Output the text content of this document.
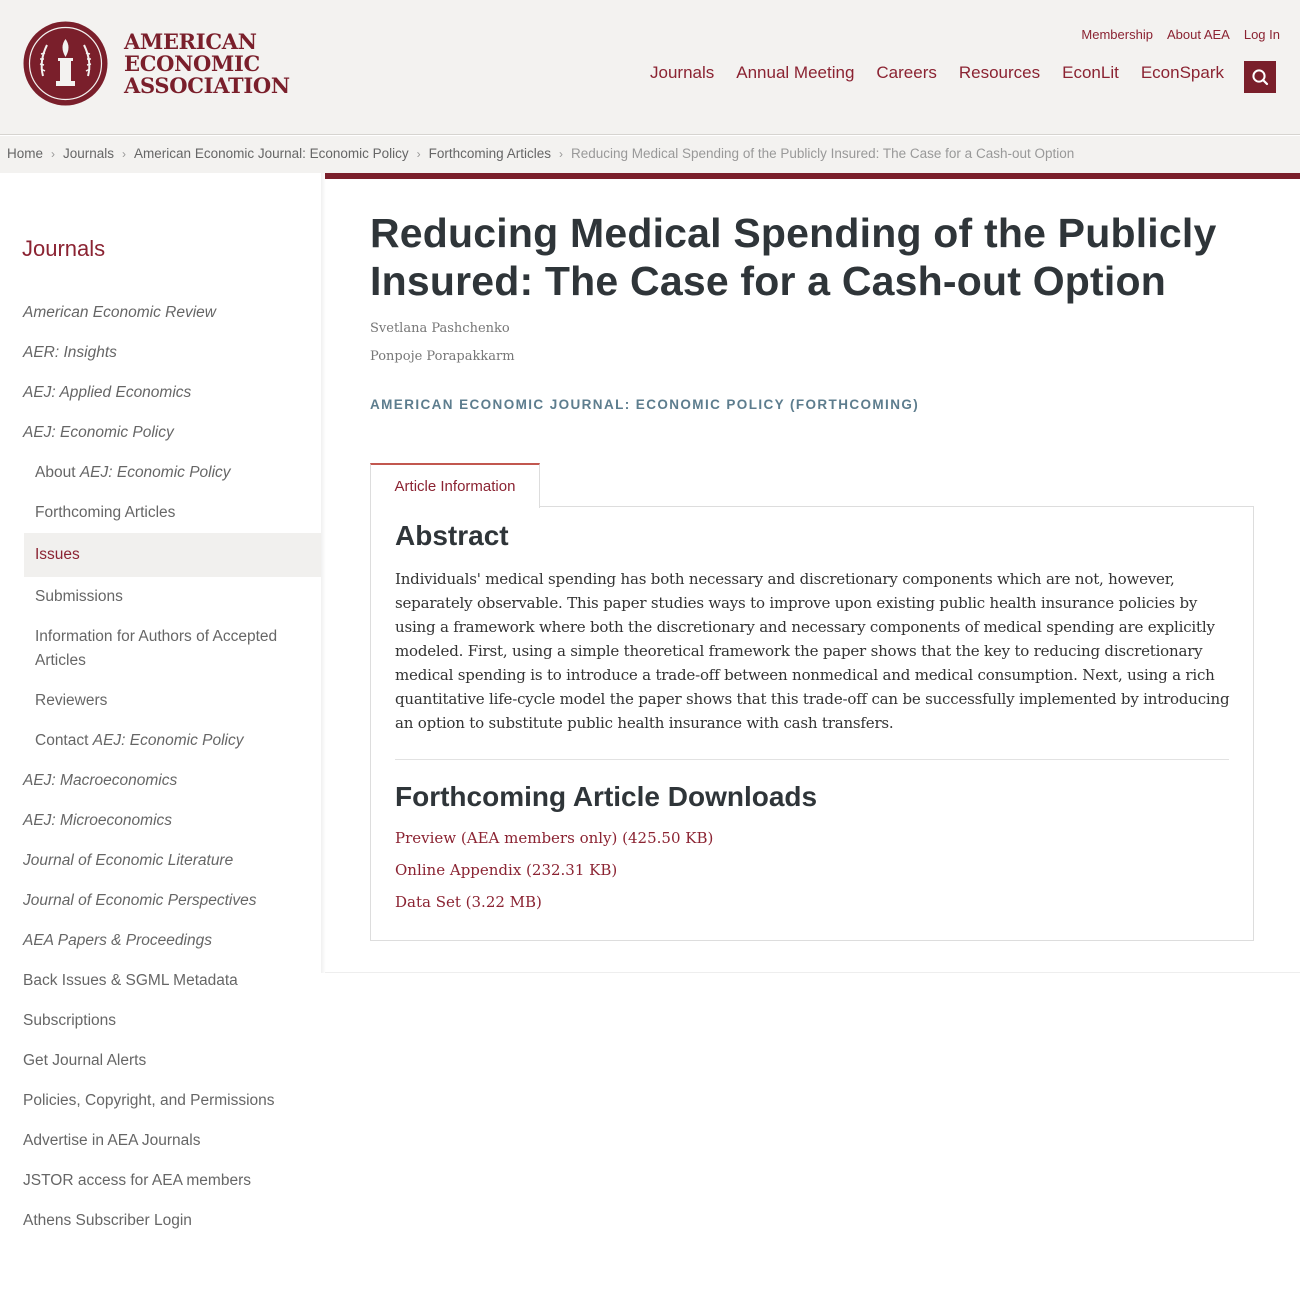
AMERICAN
ECONOMIC
ASSOCIATION
Membership About AEA Log In
Journals Annual Meeting Careers Resources EconLit EconSpark
Home › Journals › American Economic Journal: Economic Policy › Forthcoming Articles › Reducing Medical Spending of the Publicly Insured: The Case for a Cash-out Option
Journals
American Economic Review
AER: Insights
AEJ: Applied Economics
AEJ: Economic Policy
About AEJ: Economic Policy
Forthcoming Articles
Issues
Submissions
Information for Authors of Accepted Articles
Reviewers
Contact AEJ: Economic Policy
AEJ: Macroeconomics
AEJ: Microeconomics
Journal of Economic Literature
Journal of Economic Perspectives
AEA Papers & Proceedings
Back Issues & SGML Metadata
Subscriptions
Get Journal Alerts
Policies, Copyright, and Permissions
Advertise in AEA Journals
JSTOR access for AEA members
Athens Subscriber Login
Reducing Medical Spending of the Publicly Insured: The Case for a Cash-out Option
Svetlana Pashchenko
Ponpoje Porapakkarm
AMERICAN ECONOMIC JOURNAL: ECONOMIC POLICY (FORTHCOMING)
Article Information
Abstract

Individuals' medical spending has both necessary and discretionary components which are not, however, separately observable. This paper studies ways to improve upon existing public health insurance policies by using a framework where both the discretionary and necessary components of medical spending are explicitly modeled. First, using a simple theoretical framework the paper shows that the key to reducing discretionary medical spending is to introduce a trade-off between nonmedical and medical consumption. Next, using a rich quantitative life-cycle model the paper shows that this trade-off can be successfully implemented by introducing an option to substitute public health insurance with cash transfers.

Forthcoming Article Downloads
Preview (AEA members only) (425.50 KB)
Online Appendix (232.31 KB)
Data Set (3.22 MB)
